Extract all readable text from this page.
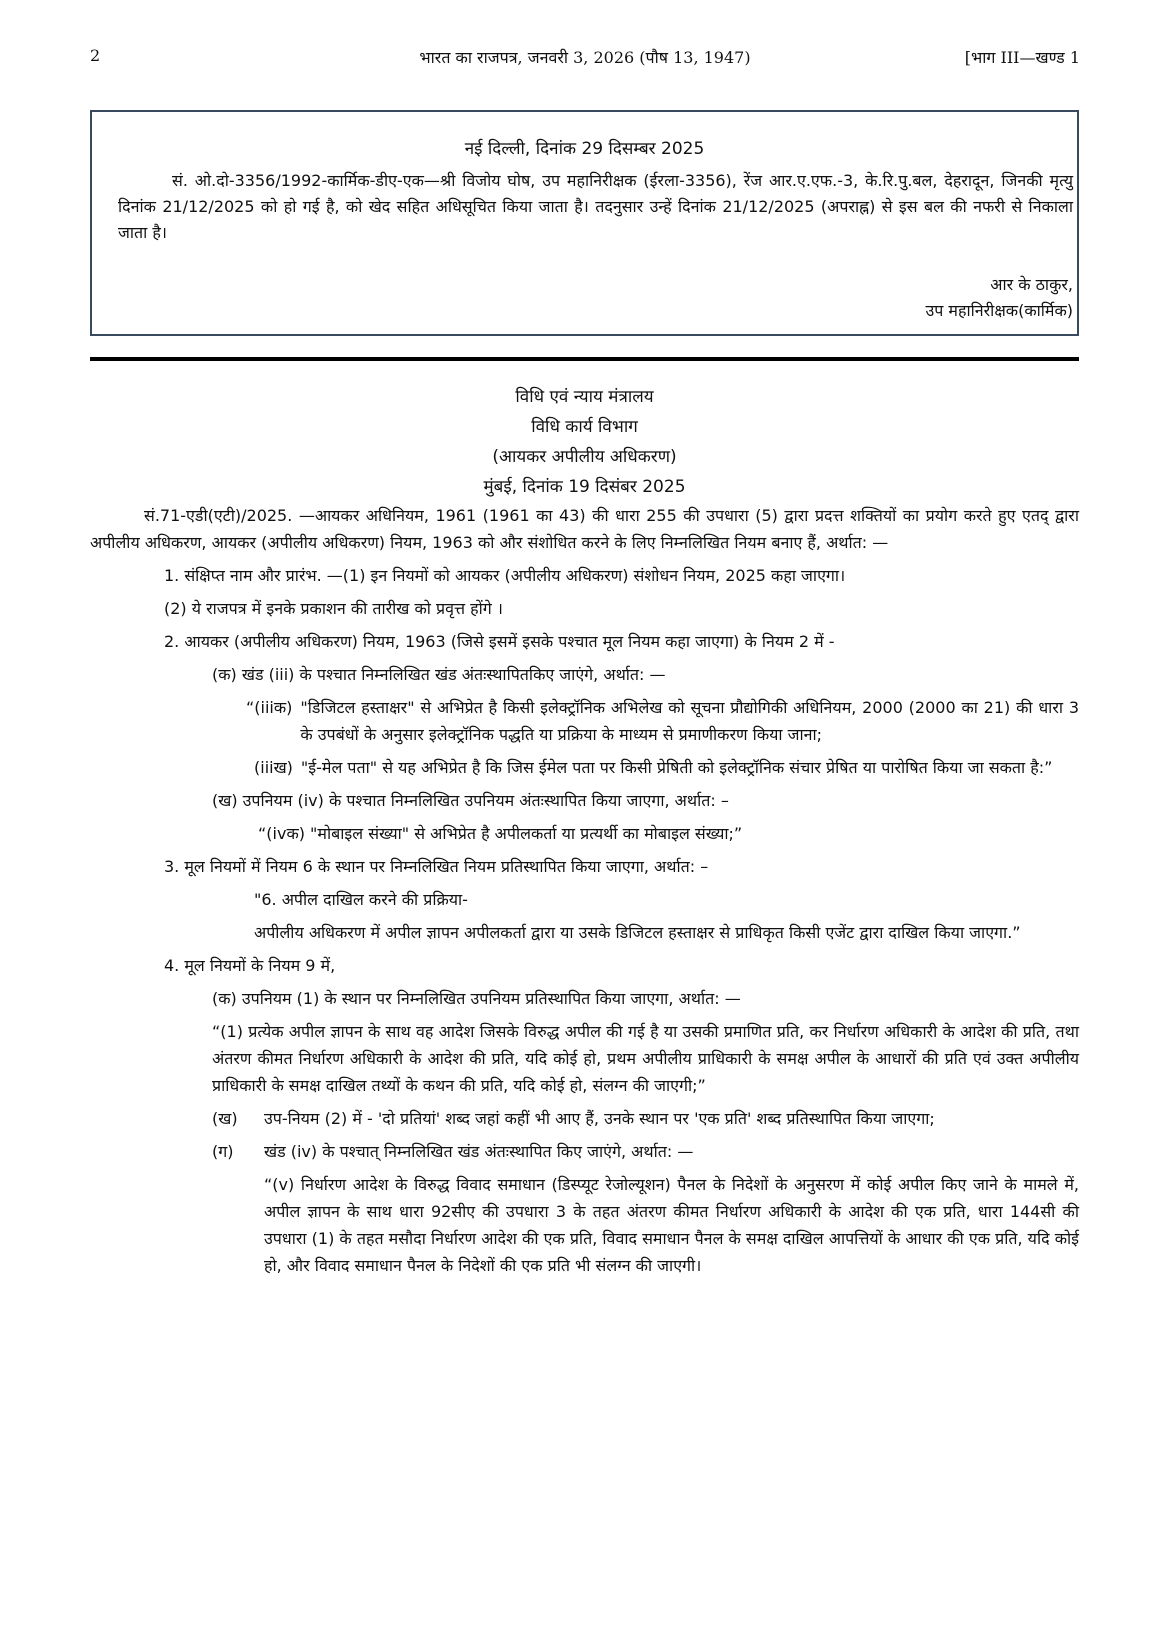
2	भारत का राजपत्र, जनवरी 3, 2026 (पौष 13, 1947)	[भाग III—खण्ड 1
नई दिल्ली, दिनांक 29 दिसम्बर 2025
सं. ओ.दो-3356/1992-कार्मिक-डीए-एक—श्री विजोय घोष, उप महानिरीक्षक (ईरला-3356), रेंज आर.ए.एफ.-3, के.रि.पु.बल, देहरादून, जिनकी मृत्यु दिनांक 21/12/2025 को हो गई है, को खेद सहित अधिसूचित किया जाता है। तदनुसार उन्हें दिनांक 21/12/2025 (अपराह्न) से इस बल की नफरी से निकाला जाता है।
आर के ठाकुर,
उप महानिरीक्षक(कार्मिक)
विधि एवं न्याय मंत्रालय
विधि कार्य विभाग
(आयकर अपीलीय अधिकरण)
मुंबई, दिनांक 19 दिसंबर 2025
सं.71-एडी(एटी)/2025. —आयकर अधिनियम, 1961 (1961 का 43) की धारा 255 की उपधारा (5) द्वारा प्रदत्त शक्तियों का प्रयोग करते हुए एतद् द्वारा अपीलीय अधिकरण, आयकर (अपीलीय अधिकरण) नियम, 1963 को और संशोधित करने के लिए निम्नलिखित नियम बनाए हैं, अर्थात: —
1. संक्षिप्त नाम और प्रारंभ. —(1) इन नियमों को आयकर (अपीलीय अधिकरण) संशोधन नियम, 2025 कहा जाएगा।
(2) ये राजपत्र में इनके प्रकाशन की तारीख को प्रवृत्त होंगे ।
2. आयकर (अपीलीय अधिकरण) नियम, 1963 (जिसे इसमें इसके पश्चात मूल नियम कहा जाएगा) के नियम 2 में -
(क) खंड (iii) के पश्चात निम्नलिखित खंड अंतःस्थापितकिए जाएंगे, अर्थात: —
“(iiiक) "डिजिटल हस्ताक्षर" से अभिप्रेत है किसी इलेक्ट्रॉनिक अभिलेख को सूचना प्रौद्योगिकी अधिनियम, 2000 (2000 का 21) की धारा 3 के उपबंधों के अनुसार इलेक्ट्रॉनिक पद्धति या प्रक्रिया के माध्यम से प्रमाणीकरण किया जाना;
(iiiख) "ई-मेल पता" से यह अभिप्रेत है कि जिस ईमेल पता पर किसी प्रेषिती को इलेक्ट्रॉनिक संचार प्रेषित या पारोषित किया जा सकता है:”
(ख) उपनियम (iv) के पश्चात निम्नलिखित उपनियम अंतःस्थापित किया जाएगा, अर्थात: –
“(ivक) "मोबाइल संख्या" से अभिप्रेत है अपीलकर्ता या प्रत्यर्थी का मोबाइल संख्या;”
3. मूल नियमों में नियम 6 के स्थान पर निम्नलिखित नियम प्रतिस्थापित किया जाएगा, अर्थात: –
"6. अपील दाखिल करने की प्रक्रिया-
अपीलीय अधिकरण में अपील ज्ञापन अपीलकर्ता द्वारा या उसके डिजिटल हस्ताक्षर से प्राधिकृत किसी एजेंट द्वारा दाखिल किया जाएगा.”
4. मूल नियमों के नियम 9 में,
(क) उपनियम (1) के स्थान पर निम्नलिखित उपनियम प्रतिस्थापित किया जाएगा, अर्थात: —
“(1) प्रत्येक अपील ज्ञापन के साथ वह आदेश जिसके विरुद्ध अपील की गई है या उसकी प्रमाणित प्रति, कर निर्धारण अधिकारी के आदेश की प्रति, तथा अंतरण कीमत निर्धारण अधिकारी के आदेश की प्रति, यदि कोई हो, प्रथम अपीलीय प्राधिकारी के समक्ष अपील के आधारों की प्रति एवं उक्त अपीलीय प्राधिकारी के समक्ष दाखिल तथ्यों के कथन की प्रति, यदि कोई हो, संलग्न की जाएगी;”
(ख)	उप-नियम (2) में - 'दो प्रतियां' शब्द जहां कहीं भी आए हैं, उनके स्थान पर 'एक प्रति' शब्द प्रतिस्थापित किया जाएगा;
(ग)	खंड (iv) के पश्चात् निम्नलिखित खंड अंतःस्थापित किए जाएंगे, अर्थात: —
“(v) निर्धारण आदेश के विरुद्ध विवाद समाधान (डिस्प्यूट रेजोल्यूशन) पैनल के निदेशों के अनुसरण में कोई अपील किए जाने के मामले में, अपील ज्ञापन के साथ धारा 92सीए की उपधारा 3 के तहत अंतरण कीमत निर्धारण अधिकारी के आदेश की एक प्रति, धारा 144सी की उपधारा (1) के तहत मसौदा निर्धारण आदेश की एक प्रति, विवाद समाधान पैनल के समक्ष दाखिल आपत्तियों के आधार की एक प्रति, यदि कोई हो, और विवाद समाधान पैनल के निदेशों की एक प्रति भी संलग्न की जाएगी।
